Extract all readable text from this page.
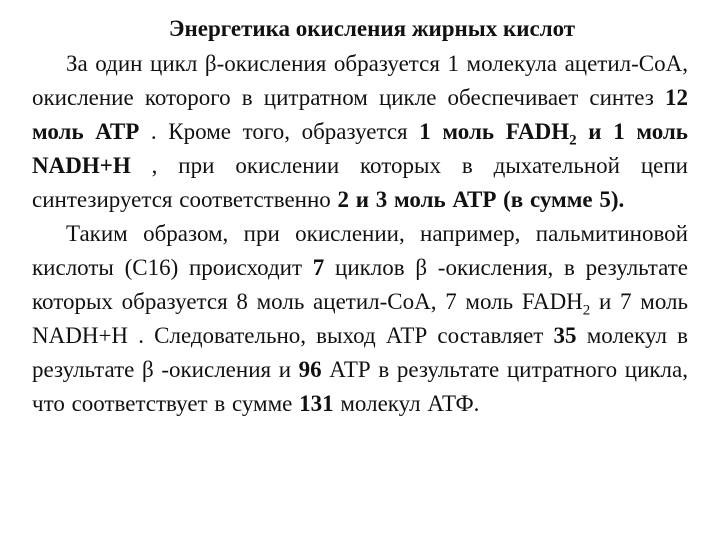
Энергетика окисления жирных кислот

За один цикл β-окисления образуется 1 молекула ацетил-СоА, окисление которого в цитратном цикле обеспечивает синтез 12 моль АТР . Кроме того, образуется 1 моль $FADH_2$ и 1 моль NADH+H , при окислении которых в дыхательной цепи синтезируется соответственно 2 и 3 моль АТР (в сумме 5).

Таким образом, при окислении, например, пальмитиновой кислоты (С16) происходит 7 циклов β -окисления, в результате которых образуется 8 моль ацетил-СоА, 7 моль $FADH_2$ и 7 моль NADH+H . Следовательно, выход АТР составляет 35 молекул в результате β -окисления и 96 АТР в результате цитратного цикла, что соответствует в сумме 131 молекул АТФ.
